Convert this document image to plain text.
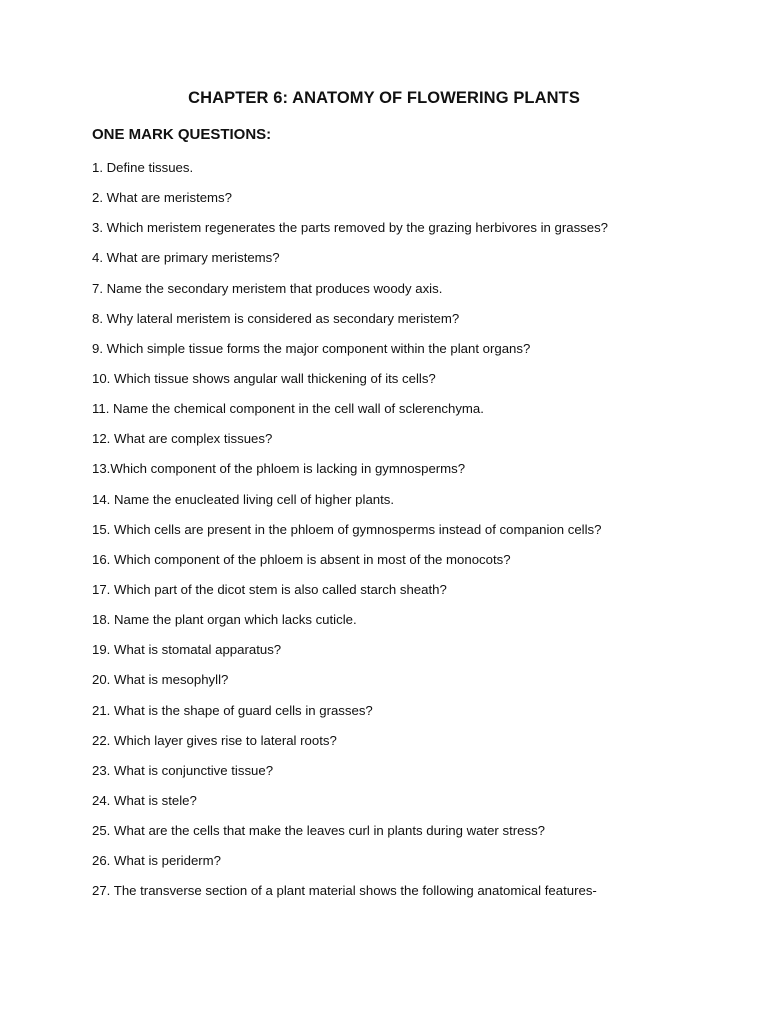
CHAPTER 6: ANATOMY OF FLOWERING PLANTS
ONE MARK QUESTIONS:
1. Define tissues.
2. What are meristems?
3. Which meristem regenerates the parts removed by the grazing herbivores in grasses?
4. What are primary meristems?
7. Name the secondary meristem that produces woody axis.
8. Why lateral meristem is considered as secondary meristem?
9. Which simple tissue forms the major component within the plant organs?
10. Which tissue shows angular wall thickening of its cells?
11. Name the chemical component in the cell wall of sclerenchyma.
12. What are complex tissues?
13.Which component of the phloem is lacking in gymnosperms?
14. Name the enucleated living cell of higher plants.
15. Which cells are present in the phloem of gymnosperms instead of companion cells?
16. Which component of the phloem is absent in most of the monocots?
17. Which part of the dicot stem is also called starch sheath?
18. Name the plant organ which lacks cuticle.
19. What is stomatal apparatus?
20. What is mesophyll?
21. What is the shape of guard cells in grasses?
22. Which layer gives rise to lateral roots?
23. What is conjunctive tissue?
24. What is stele?
25. What are the cells that make the leaves curl in plants during water stress?
26. What is periderm?
27. The transverse section of a plant material shows the following anatomical features-
